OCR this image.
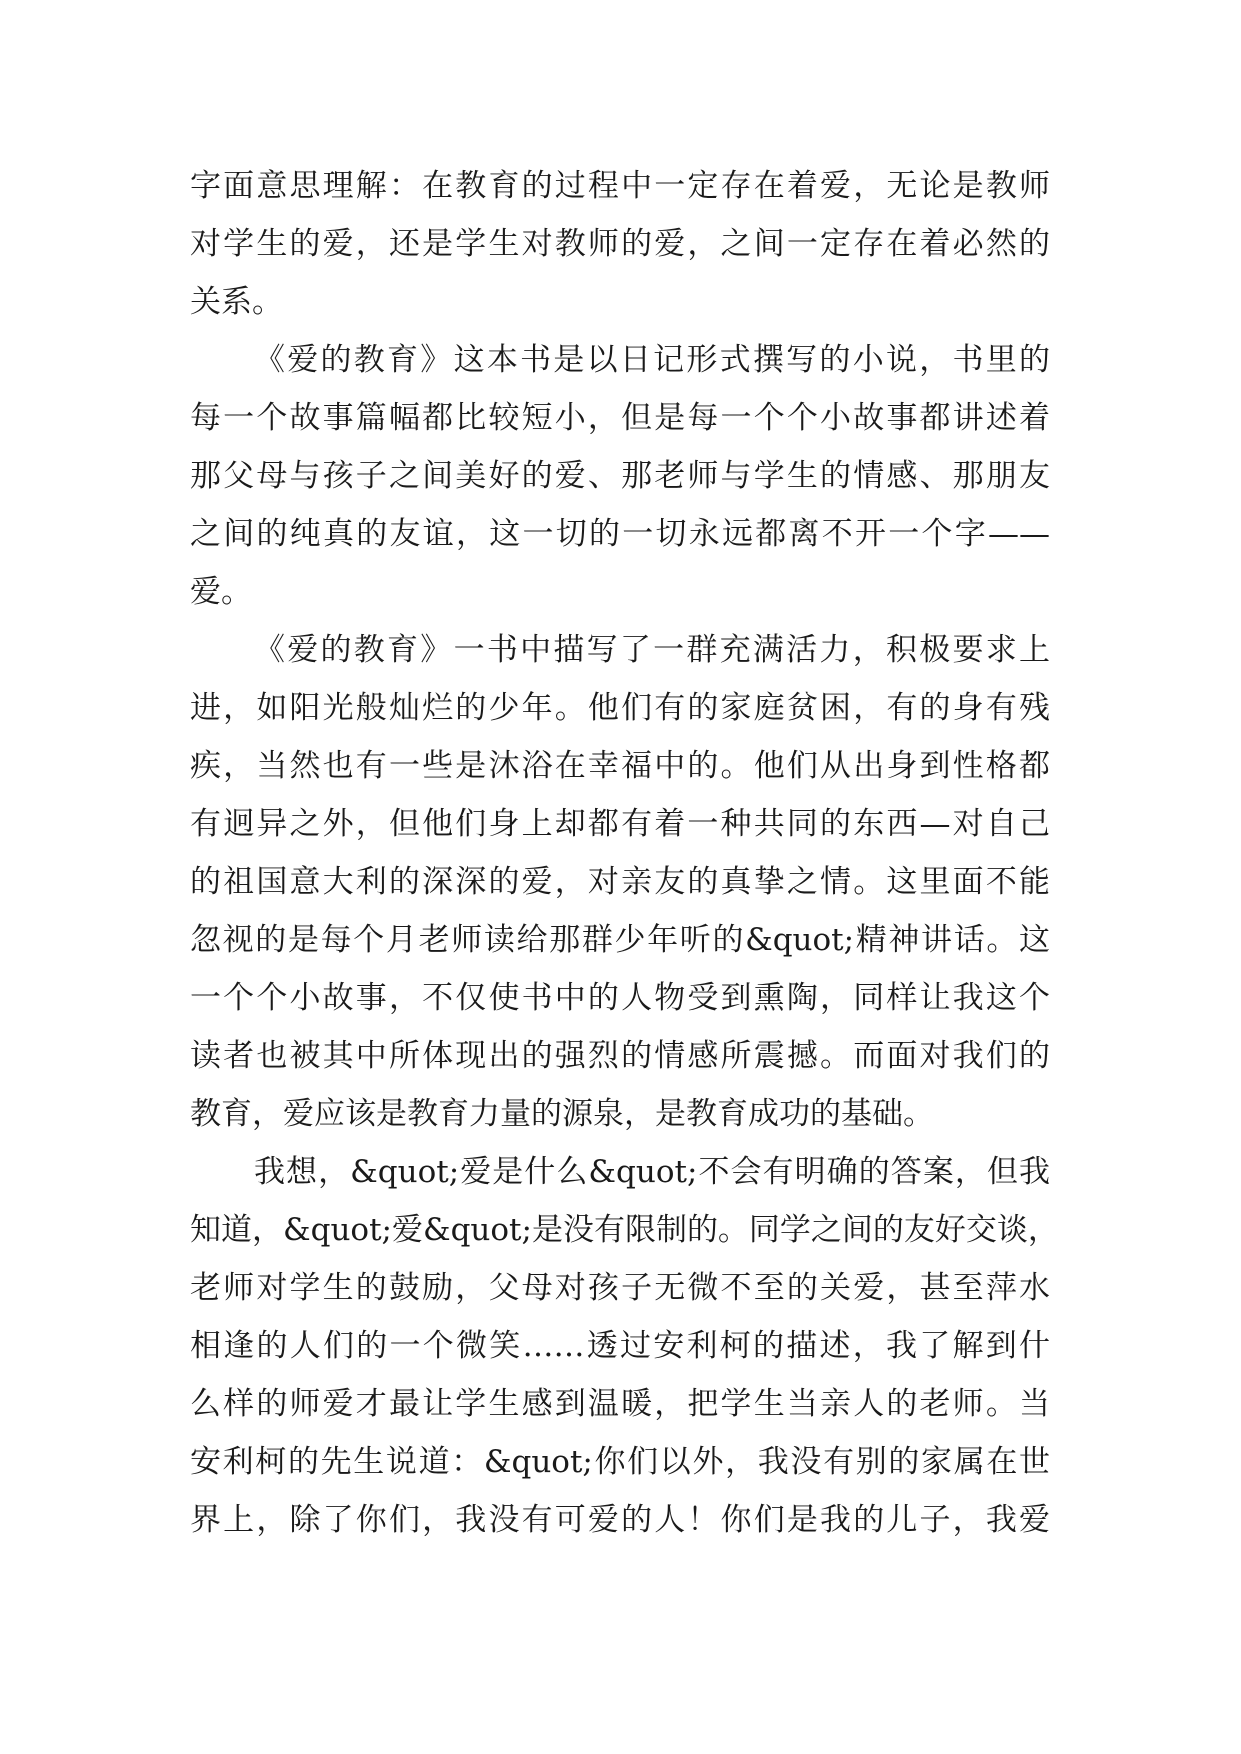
字面意思理解：在教育的过程中一定存在着爱，无论是教师
对学生的爱，还是学生对教师的爱，之间一定存在着必然的
关系。
《爱的教育》这本书是以日记形式撰写的小说，书里的
每一个故事篇幅都比较短小，但是每一个个小故事都讲述着
那父母与孩子之间美好的爱、那老师与学生的情感、那朋友
之间的纯真的友谊，这一切的一切永远都离不开一个字——
爱。
《爱的教育》一书中描写了一群充满活力，积极要求上
进，如阳光般灿烂的少年。他们有的家庭贫困，有的身有残
疾，当然也有一些是沐浴在幸福中的。他们从出身到性格都
有迥异之外，但他们身上却都有着一种共同的东西—对自己
的祖国意大利的深深的爱，对亲友的真挚之情。这里面不能
忽视的是每个月老师读给那群少年听的&quot;精神讲话。这
一个个小故事，不仅使书中的人物受到熏陶，同样让我这个
读者也被其中所体现出的强烈的情感所震撼。而面对我们的
教育，爱应该是教育力量的源泉，是教育成功的基础。
我想，&quot;爱是什么&quot;不会有明确的答案，但我
知道，&quot;爱&quot;是没有限制的。同学之间的友好交谈，
老师对学生的鼓励，父母对孩子无微不至的关爱，甚至萍水
相逢的人们的一个微笑……透过安利柯的描述，我了解到什
么样的师爱才最让学生感到温暖，把学生当亲人的老师。当
安利柯的先生说道：&quot;你们以外，我没有别的家属在世
界上，除了你们，我没有可爱的人！你们是我的儿子，我爱
